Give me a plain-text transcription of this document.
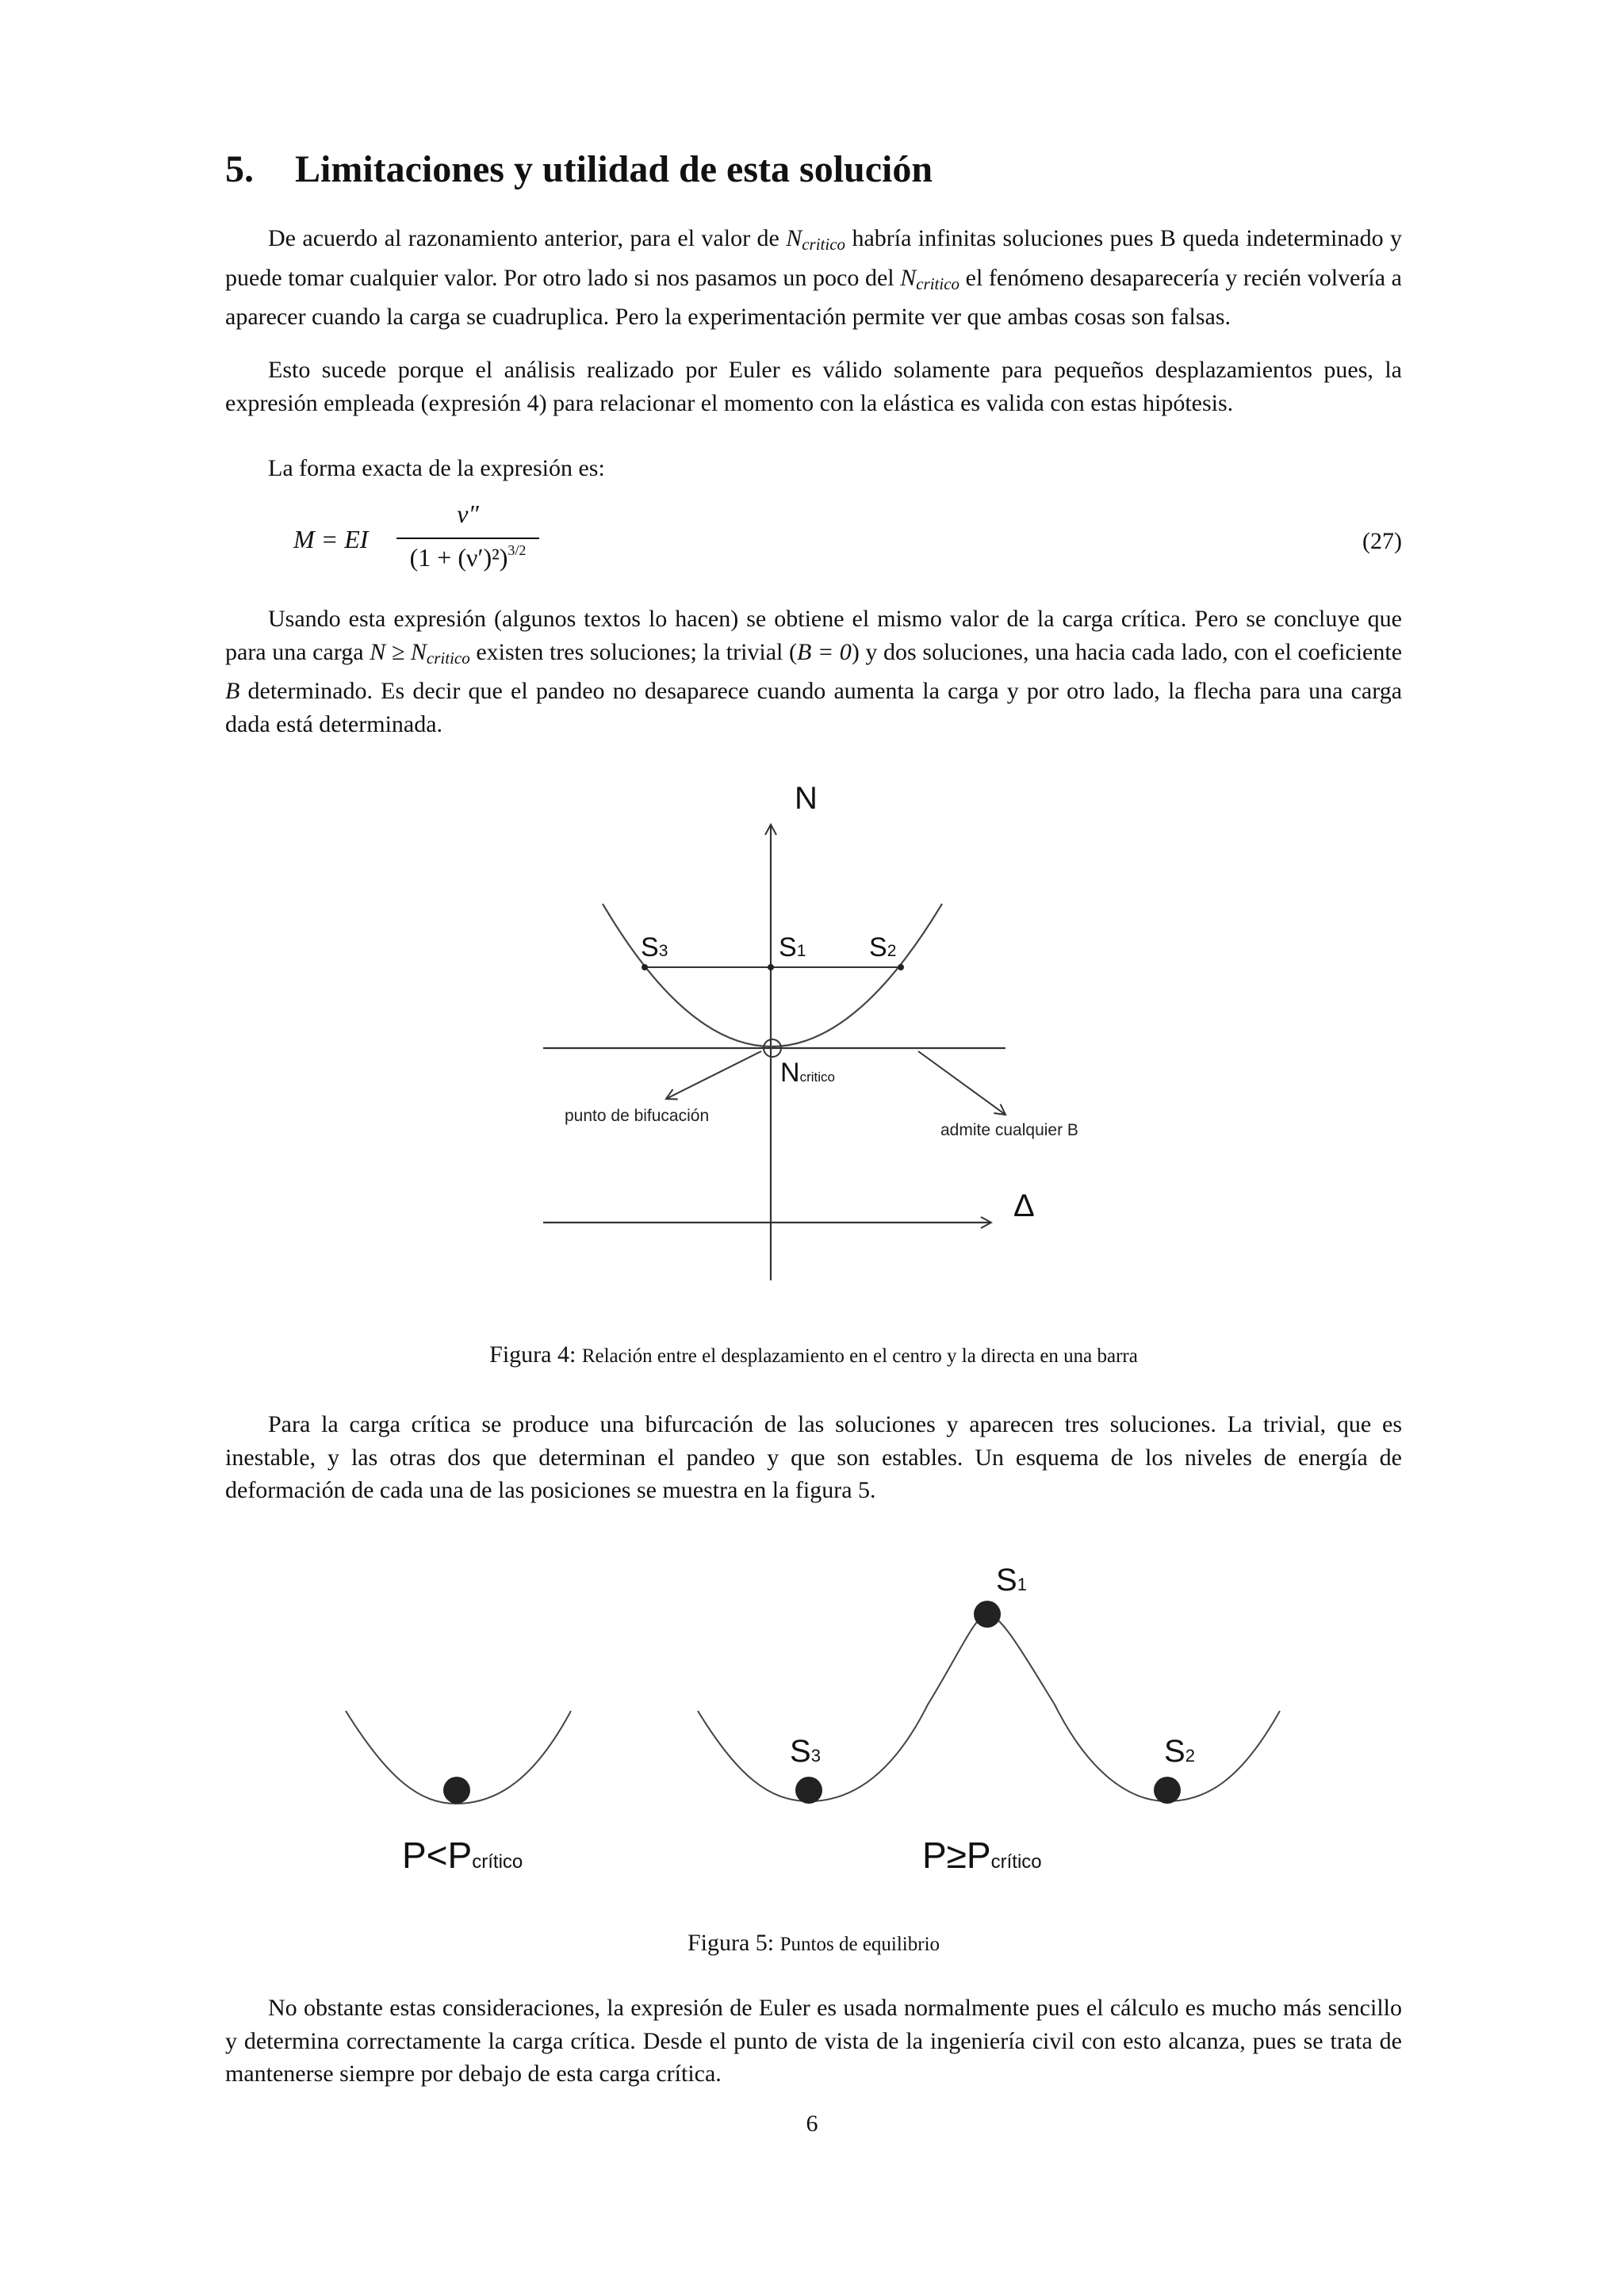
5. Limitaciones y utilidad de esta solución

De acuerdo al razonamiento anterior, para el valor de $N_{critico}$ habría infinitas soluciones pues B queda indeterminado y puede tomar cualquier valor. Por otro lado si nos pasamos un poco del $N_{critico}$ el fenómeno desaparecería y recién volvería a aparecer cuando la carga se cuadruplica. Pero la experimentación permite ver que ambas cosas son falsas.

Esto sucede porque el análisis realizado por Euler es válido solamente para pequeños desplazamientos pues, la expresión empleada (expresión 4) para relacionar el momento con la elástica es valida con estas hipótesis.

La forma exacta de la expresión es:

M = EI
ν″
$(1 + (\nu')^2)^{3/2}$	(27)

Usando esta expresión (algunos textos lo hacen) se obtiene el mismo valor de la carga crítica. Pero se concluye que para una carga $N \ge N_{critico}$ existen tres soluciones; la trivial (B = 0) y dos soluciones, una hacia cada lado, con el coeficiente B determinado. Es decir que el pandeo no desaparece cuando aumenta la carga y por otro lado, la flecha para una carga dada está determinada.

N
Δ
S3	S1 S2
Ncritico
punto de bifucación
admite cualquier B
Figura 4: Relación entre el desplazamiento en el centro y la directa en una barra

Para la carga crítica se produce una bifurcación de las soluciones y aparecen tres soluciones. La trivial, que es inestable, y las otras dos que determinan el pandeo y que son estables. Un esquema de los niveles de energía de deformación de cada una de las posiciones se muestra en la figura 5.

S1
S3	S2
P<Pcrítico	P≥Pcrítico
Figura 5: Puntos de equilibrio

No obstante estas consideraciones, la expresión de Euler es usada normalmente pues el cálculo es mucho más sencillo y determina correctamente la carga crítica. Desde el punto de vista de la ingeniería civil con esto alcanza, pues se trata de mantenerse siempre por debajo de esta carga crítica.

6
